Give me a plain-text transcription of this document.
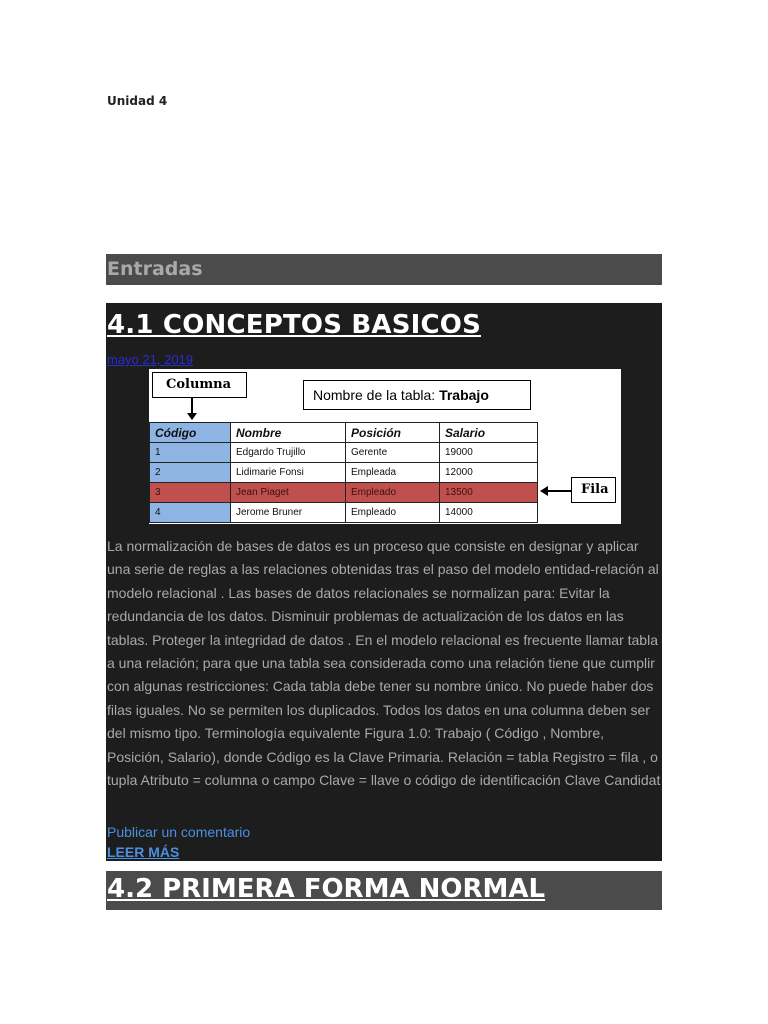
Unidad 4
Entradas
4.1 CONCEPTOS BASICOS
mayo 21, 2019
Columna
Nombre de la tabla: Trabajo
Código	Nombre	Posición	Salario
1	Edgardo Trujillo	Gerente	19000
2	Lidimarie Fonsi	Empleada	12000
3	Jean Piaget	Empleado	13500
4	Jerome Bruner	Empleado	14000
Fila
La normalización de bases de datos es un proceso que consiste en designar y aplicar una serie de reglas a las relaciones obtenidas tras el paso del modelo entidad-relación al modelo relacional . Las bases de datos relacionales se normalizan para: Evitar la redundancia de los datos. Disminuir problemas de actualización de los datos en las tablas. Proteger la integridad de datos . En el modelo relacional es frecuente llamar tabla a una relación; para que una tabla sea considerada como una relación tiene que cumplir con algunas restricciones: Cada tabla debe tener su nombre único. No puede haber dos filas iguales. No se permiten los duplicados. Todos los datos en una columna deben ser del mismo tipo. Terminología equivalente Figura 1.0: Trabajo ( Código , Nombre, Posición, Salario), donde Código es la Clave Primaria. Relación = tabla Registro = fila , o tupla Atributo = columna o campo Clave = llave o código de identificación Clave Candidat
Publicar un comentario
LEER MÁS
4.2 PRIMERA FORMA NORMAL
